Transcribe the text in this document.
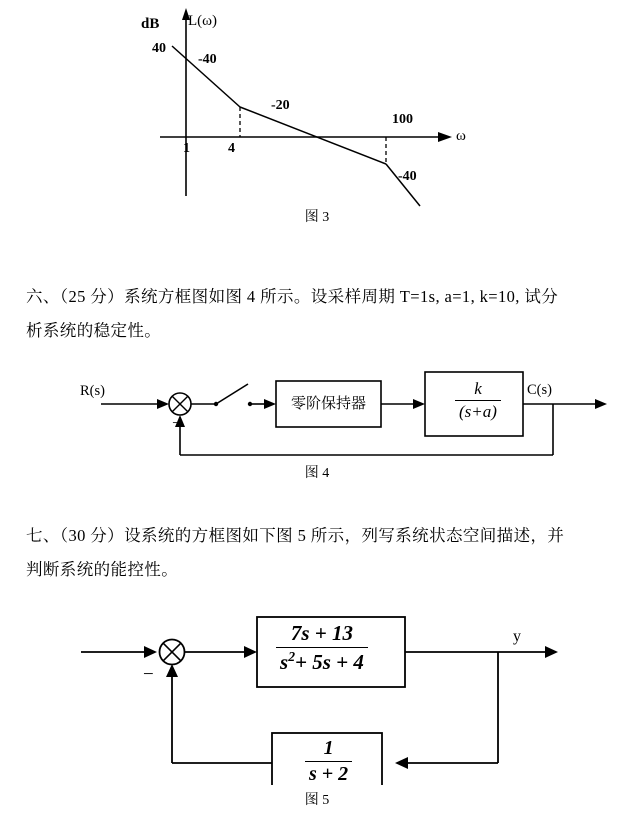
dB L(ω)
40
-40
-20
100
-40
1	4
ω
图 3
六、（25 分）系统方框图如图 4 所示。设采样周期 T=1s, a=1, k=10, 试分
析系统的稳定性。
R(s)
−
零阶保持器	$\frac{k}{(s+a)} C(s)$
图 4
七、（30 分）设系统的方框图如下图 5 所示，列写系统状态空间描述，并
判断系统的能控性。
−	$\frac{7s + 13}{s^2+ 5s + 4}$
$\frac{1}{s + 2}$
y
图 5
